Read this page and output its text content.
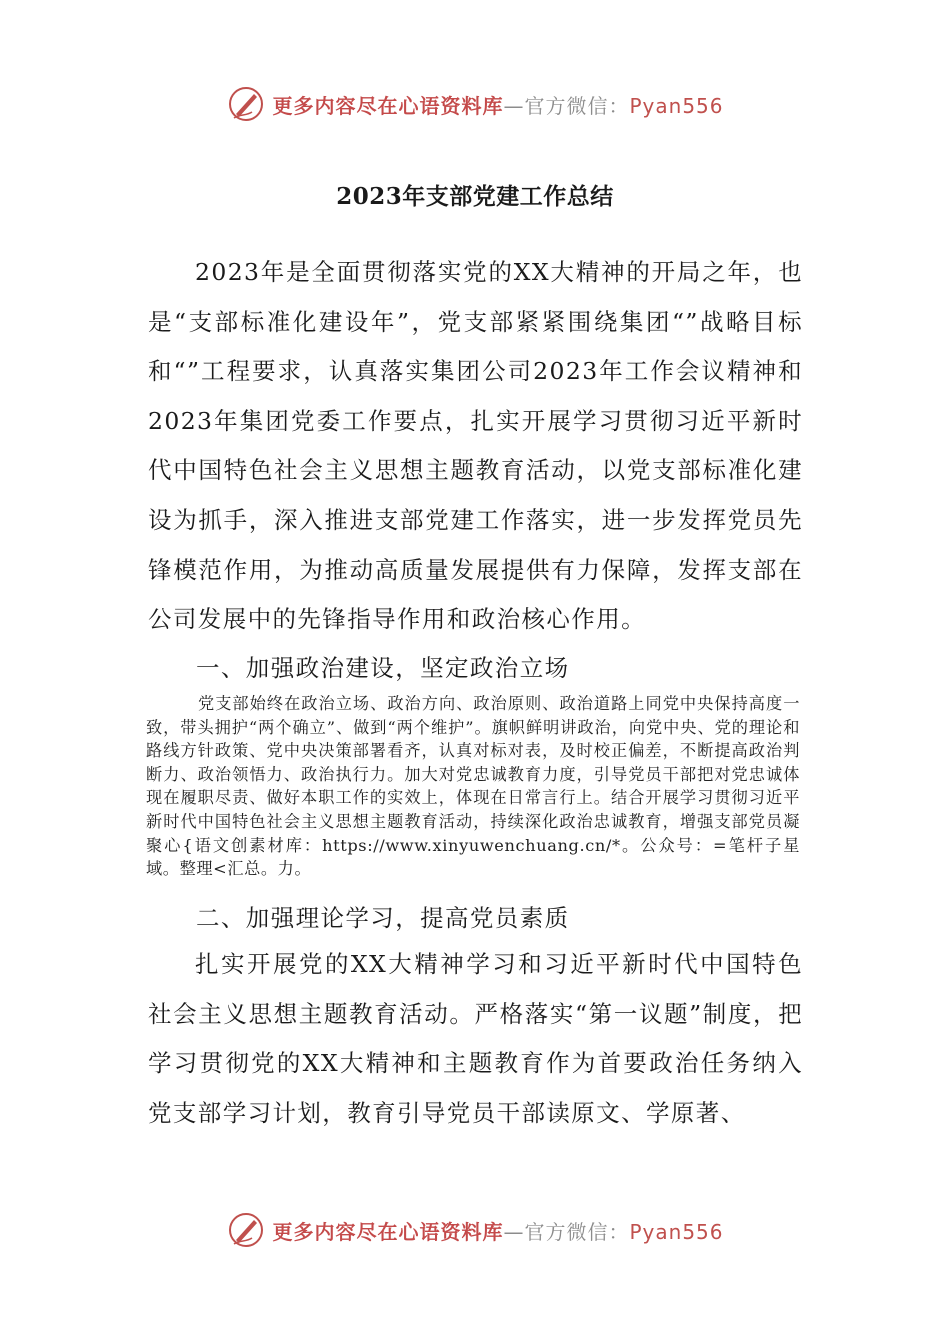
更多内容尽在心语资料库—官方微信：Pyan556
2023年支部党建工作总结

2023年是全面贯彻落实党的XX大精神的开局之年，也是“支部标准化建设年”，党支部紧紧围绕集团“”战略目标和“”工程要求，认真落实集团公司2023年工作会议精神和2023年集团党委工作要点，扎实开展学习贯彻习近平新时代中国特色社会主义思想主题教育活动，以党支部标准化建设为抓手，深入推进支部党建工作落实，进一步发挥党员先锋模范作用，为推动高质量发展提供有力保障，发挥支部在公司发展中的先锋指导作用和政治核心作用。

一、加强政治建设，坚定政治立场

党支部始终在政治立场、政治方向、政治原则、政治道路上同党中央保持高度一致，带头拥护“两个确立”、做到“两个维护”。旗帜鲜明讲政治，向党中央、党的理论和路线方针政策、党中央决策部署看齐，认真对标对表，及时校正偏差，不断提高政治判断力、政治领悟力、政治执行力。加大对党忠诚教育力度，引导党员干部把对党忠诚体现在履职尽责、做好本职工作的实效上，体现在日常言行上。结合开展学习贯彻习近平新时代中国特色社会主义思想主题教育活动，持续深化政治忠诚教育，增强支部党员凝聚心{语文创素材库：https://www.xinyuwenchuang.cn/*。公众号：=笔杆子星域。整理<汇总。力。

二、加强理论学习，提高党员素质

扎实开展党的XX大精神学习和习近平新时代中国特色社会主义思想主题教育活动。严格落实“第一议题”制度，把学习贯彻党的XX大精神和主题教育作为首要政治任务纳入党支部学习计划，教育引导党员干部读原文、学原著、

更多内容尽在心语资料库—官方微信：Pyan556
